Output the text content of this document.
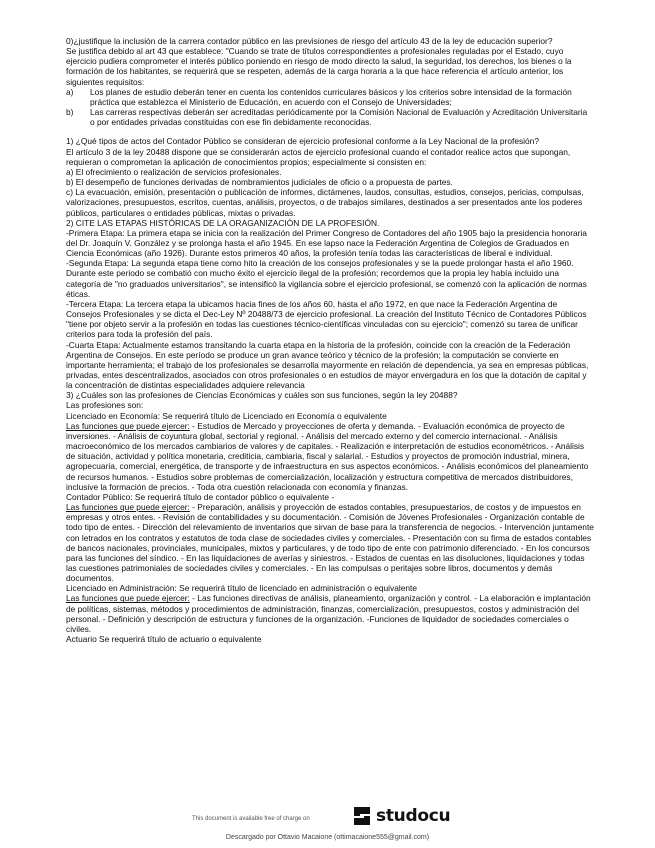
0)¿justifique la inclusión de la carrera contador público en las previsiones de riesgo del artículo 43 de la ley de educación superior?

Se justifica debido al art 43 que establece: "Cuando se trate de títulos correspondientes a profesionales reguladas por el Estado, cuyo ejercicio pudiera comprometer el interés público poniendo en riesgo de modo directo la salud, la seguridad, los derechos, los bienes o la formación de los habitantes, se requerirá que se respeten, además de la carga horaria a la que hace referencia el artículo anterior, los siguientes requisitos:

a)	Los planes de estudio deberán tener en cuenta los contenidos curriculares básicos y los criterios sobre intensidad de la formación práctica que establezca el Ministerio de Educación, en acuerdo con el Consejo de Universidades;
b)	Las carreras respectivas deberán ser acreditadas periódicamente por la Comisión Nacional de Evaluación y Acreditación Universitaria o por entidades privadas constituidas con ese fin debidamente reconocidas.

1) ¿Qué tipos de actos del Contador Público se consideran de ejercicio profesional conforme a la Ley Nacional de la profesión?

El artículo 3 de la ley 20488 dispone que se considerarán actos de ejercicio profesional cuando el contador realice actos que supongan, requieran o comprometan la aplicación de conocimientos propios; especialmente si consisten en:

a) El ofrecimiento o realización de servicios profesionales.

b) El desempeño de funciones derivadas de nombramientos judiciales de oficio o a propuesta de partes.

c) La evacuación, emisión, presentación o publicación de informes, dictámenes, laudos, consultas, estudios, consejos, pericias, compulsas, valorizaciones, presupuestos, escritos, cuentas, análisis, proyectos, o de trabajos similares, destinados a ser presentados ante los poderes públicos, particulares o entidades públicas, mixtas o privadas.

2) CITE LAS ETAPAS HISTÓRICAS DE LA ORAGANIZACIÓN DE LA PROFESIÓN.

-Primera Etapa: La primera etapa se inicia con la realización del Primer Congreso de Contadores del año 1905 bajo la presidencia honoraria del Dr. Joaquín V. González y se prolonga hasta el año 1945. En ese lapso nace la Federación Argentina de Colegios de Graduados en Ciencia Económicas (año 1926). Durante estos primeros 40 años, la profesión tenía todas las características de liberal e individual.

-Segunda Etapa: La segunda etapa tiene como hito la creación de los consejos profesionales y se la puede prolongar hasta el año 1960. Durante este periodo se combatió con mucho éxito el ejercicio ilegal de la profesión; recordemos que la propia ley había incluido una categoría de "no graduados universitarios", se intensificó la vigilancia sobre el ejercicio profesional, se comenzó con la aplicación de normas éticas.

-Tercera Etapa: La tercera etapa la ubicamos hacia fines de los años 60, hasta el año 1972, en que nace la Federación Argentina de Consejos Profesionales y se dicta el Dec-Ley Nº 20488/73 de ejercicio profesional. La creación del Instituto Técnico de Contadores Públicos "tiene por objeto servir a la profesión en todas las cuestiones técnico-científicas vinculadas con su ejercicio"; comenzó su tarea de unificar criterios para toda la profesión del país.

-Cuarta Etapa: Actualmente estamos transitando la cuarta etapa en la historia de la profesión, coincide con la creación de la Federación Argentina de Consejos. En este período se produce un gran avance teórico y técnico de la profesión; la computación se convierte en importante herramienta; el trabajo de los profesionales se desarrolla mayormente en relación de dependencia, ya sea en empresas públicas, privadas, entes descentralizados, asociados con otros profesionales o en estudios de mayor envergadura en los que la dotación de capital y la concentración de distintas especialidades adquiere relevancia

3) ¿Cuáles son las profesiones de Ciencias Económicas y cuáles son sus funciones, según la ley 20488?

Las profesiones son:

Licenciado en Economía: Se requerirá título de Licenciado en Economía o equivalente

Las funciones que puede ejercer: - Estudios de Mercado y proyecciones de oferta y demanda. - Evaluación económica de proyecto de inversiones. - Análisis de coyuntura global, sectorial y regional. - Análisis del mercado externo y del comercio internacional. - Análisis macroeconómico de los mercados cambiarios de valores y de capitales. - Realización e interpretación de estudios econométricos. - Análisis de situación, actividad y política monetaria, crediticia, cambiaria, fiscal y salarial. - Estudios y proyectos de promoción industrial, minera, agropecuaria, comercial, energética, de transporte y de infraestructura en sus aspectos económicos. - Análisis económicos del planeamiento de recursos humanos. - Estudios sobre problemas de comercialización, localización y estructura competitiva de mercados distribuidores, inclusive la formación de precios. - Toda otra cuestión relacionada con economía y finanzas.

Contador Público: Se requerirá título de contador público o equivalente -

Las funciones que puede ejercer: - Preparación, análisis y proyección de estados contables, presupuestarios, de costos y de impuestos en empresas y otros entes. - Revisión de contabilidades y su documentación. - Comisión de Jóvenes Profesionales - Organización contable de todo tipo de entes. - Dirección del relevamiento de inventarios que sirvan de base para la transferencia de negocios. - Intervención juntamente con letrados en los contratos y estatutos de toda clase de sociedades civiles y comerciales. - Presentación con su firma de estados contables de bancos nacionales, provinciales, municipales, mixtos y particulares, y de todo tipo de ente con patrimonio diferenciado. - En los concursos para las funciones del síndico. - En las liquidaciones de averías y siniestros. - Estados de cuentas en las disoluciones, liquidaciones y todas las cuestiones patrimoniales de sociedades civiles y comerciales. - En las compulsas o peritajes sobre libros, documentos y demás documentos.

Licenciado en Administración: Se requerirá título de licenciado en administración o equivalente

Las funciones que puede ejercer: - Las funciones directivas de análisis, planeamiento, organización y control. - La elaboración e implantación de políticas, sistemas, métodos y procedimientos de administración, finanzas, comercialización, presupuestos, costos y administración del personal. - Definición y descripción de estructura y funciones de la organización. -Funciones de liquidador de sociedades comerciales o civiles.

Actuario Se requerirá título de actuario o equivalente

This document is available free of charge on	studocu
Descargado por Ottavio Macaione (ottimacaione555@gmail.com)
